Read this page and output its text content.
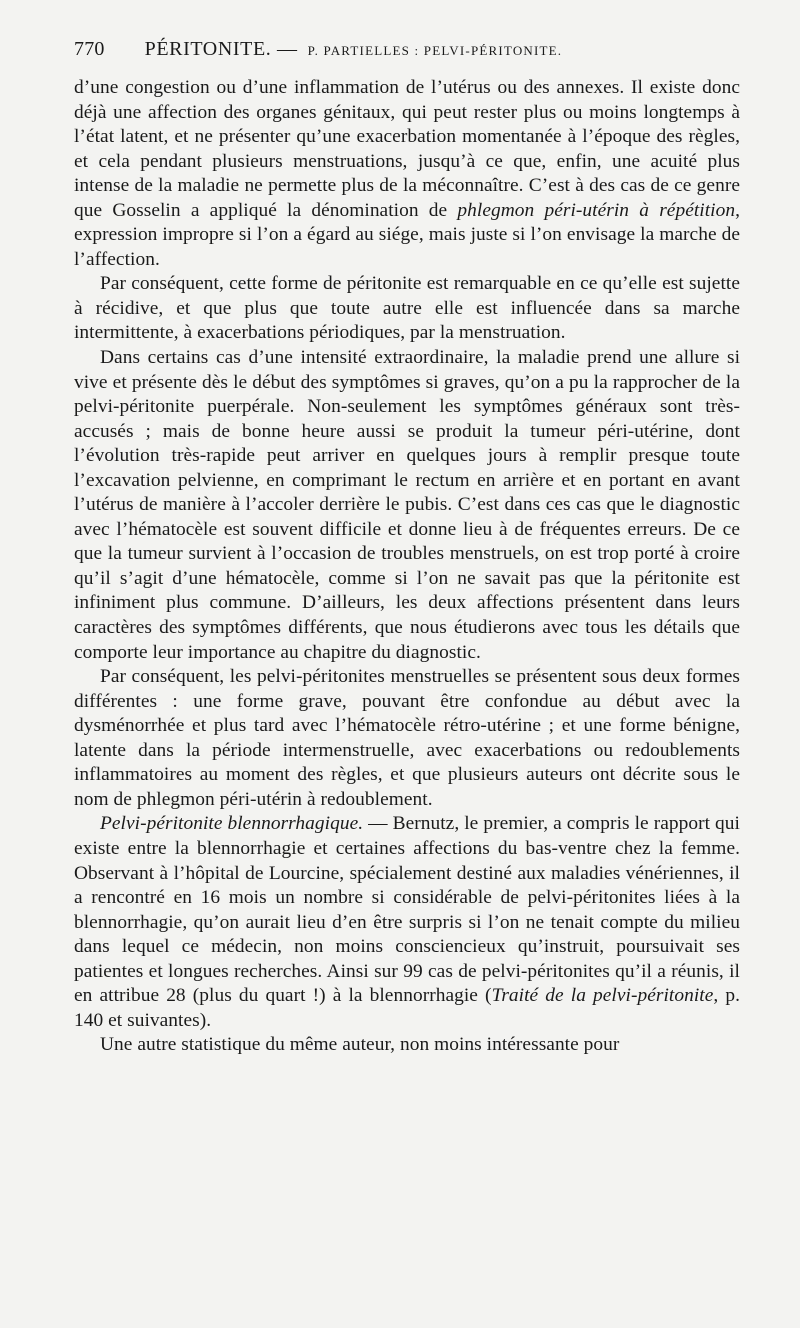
770 PÉRITONITE. — P. PARTIELLES : PELVI-PÉRITONITE.

d’une congestion ou d’une inflammation de l’utérus ou des annexes. Il existe donc déjà une affection des organes génitaux, qui peut rester plus ou moins longtemps à l’état latent, et ne présenter qu’une exacerbation momentanée à l’époque des règles, et cela pendant plusieurs menstruations, jusqu’à ce que, enfin, une acuité plus intense de la maladie ne permette plus de la méconnaître. C’est à des cas de ce genre que Gosselin a appliqué la dénomination de phlegmon péri-utérin à répétition, expression impropre si l’on a égard au siége, mais juste si l’on envisage la marche de l’affection.

Par conséquent, cette forme de péritonite est remarquable en ce qu’elle est sujette à récidive, et que plus que toute autre elle est influencée dans sa marche intermittente, à exacerbations périodiques, par la menstruation.

Dans certains cas d’une intensité extraordinaire, la maladie prend une allure si vive et présente dès le début des symptômes si graves, qu’on a pu la rapprocher de la pelvi-péritonite puerpérale. Non-seulement les symptômes généraux sont très-accusés ; mais de bonne heure aussi se produit la tumeur péri-utérine, dont l’évolution très-rapide peut arriver en quelques jours à remplir presque toute l’excavation pelvienne, en comprimant le rectum en arrière et en portant en avant l’utérus de manière à l’accoler derrière le pubis. C’est dans ces cas que le diagnostic avec l’hématocèle est souvent difficile et donne lieu à de fréquentes erreurs. De ce que la tumeur survient à l’occasion de troubles menstruels, on est trop porté à croire qu’il s’agit d’une hématocèle, comme si l’on ne savait pas que la péritonite est infiniment plus commune. D’ailleurs, les deux affections présentent dans leurs caractères des symptômes différents, que nous étudierons avec tous les détails que comporte leur importance au chapitre du diagnostic.

Par conséquent, les pelvi-péritonites menstruelles se présentent sous deux formes différentes : une forme grave, pouvant être confondue au début avec la dysménorrhée et plus tard avec l’hématocèle rétro-utérine ; et une forme bénigne, latente dans la période intermenstruelle, avec exacerbations ou redoublements inflammatoires au moment des règles, et que plusieurs auteurs ont décrite sous le nom de phlegmon péri-utérin à redoublement.

Pelvi-péritonite blennorrhagique. — Bernutz, le premier, a compris le rapport qui existe entre la blennorrhagie et certaines affections du bas-ventre chez la femme. Observant à l’hôpital de Lourcine, spécialement destiné aux maladies vénériennes, il a rencontré en 16 mois un nombre si considérable de pelvi-péritonites liées à la blennorrhagie, qu’on aurait lieu d’en être surpris si l’on ne tenait compte du milieu dans lequel ce médecin, non moins consciencieux qu’instruit, poursuivait ses patientes et longues recherches. Ainsi sur 99 cas de pelvi-péritonites qu’il a réunis, il en attribue 28 (plus du quart !) à la blennorrhagie (Traité de la pelvi-péritonite, p. 140 et suivantes).

Une autre statistique du même auteur, non moins intéressante pour
